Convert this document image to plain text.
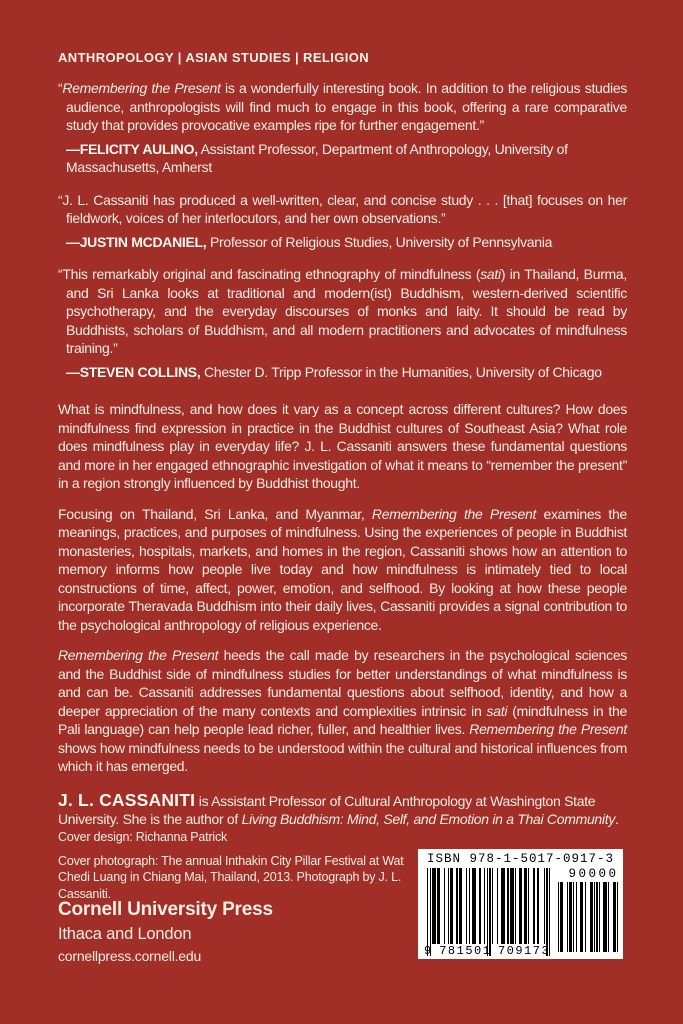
ANTHROPOLOGY | ASIAN STUDIES | RELIGION
“Remembering the Present is a wonderfully interesting book. In addition to the religious studies audience, anthropologists will find much to engage in this book, offering a rare comparative study that provides provocative examples ripe for further engagement.”
—FELICITY AULINO, Assistant Professor, Department of Anthropology, University of Massachusetts, Amherst
“J. L. Cassaniti has produced a well-written, clear, and concise study . . . [that] focuses on her fieldwork, voices of her interlocutors, and her own observations.”
—JUSTIN MCDANIEL, Professor of Religious Studies, University of Pennsylvania
“This remarkably original and fascinating ethnography of mindfulness (sati) in Thailand, Burma, and Sri Lanka looks at traditional and modern(ist) Buddhism, western-derived scientific psychotherapy, and the everyday discourses of monks and laity. It should be read by Buddhists, scholars of Buddhism, and all modern practitioners and advocates of mindfulness training.”
—STEVEN COLLINS, Chester D. Tripp Professor in the Humanities, University of Chicago

What is mindfulness, and how does it vary as a concept across different cultures? How does mindfulness find expression in practice in the Buddhist cultures of Southeast Asia? What role does mindfulness play in everyday life? J. L. Cassaniti answers these fundamental questions and more in her engaged ethnographic investigation of what it means to “remember the present” in a region strongly influenced by Buddhist thought.

Focusing on Thailand, Sri Lanka, and Myanmar, Remembering the Present examines the meanings, practices, and purposes of mindfulness. Using the experiences of people in Buddhist monasteries, hospitals, markets, and homes in the region, Cassaniti shows how an attention to memory informs how people live today and how mindfulness is intimately tied to local constructions of time, affect, power, emotion, and selfhood. By looking at how these people incorporate Theravada Buddhism into their daily lives, Cassaniti provides a signal contribution to the psychological anthropology of religious experience.

Remembering the Present heeds the call made by researchers in the psychological sciences and the Buddhist side of mindfulness studies for better understandings of what mindfulness is and can be. Cassaniti addresses fundamental questions about selfhood, identity, and how a deeper appreciation of the many contexts and complexities intrinsic in sati (mindfulness in the Pali language) can help people lead richer, fuller, and healthier lives. Remembering the Present shows how mindfulness needs to be understood within the cultural and historical influences from which it has emerged.

J. L. CASSANITI is Assistant Professor of Cultural Anthropology at Washington State University. She is the author of Living Buddhism: Mind, Self, and Emotion in a Thai Community.
Cover design: Richanna Patrick
Cover photograph: The annual Inthakin City Pillar Festival at Wat Chedi Luang in Chiang Mai, Thailand, 2013. Photograph by J. L. Cassaniti.
Cornell University Press
Ithaca and London
cornellpress.cornell.edu
ISBN 978-1-5017-0917-3
9 781501 709173
90000
